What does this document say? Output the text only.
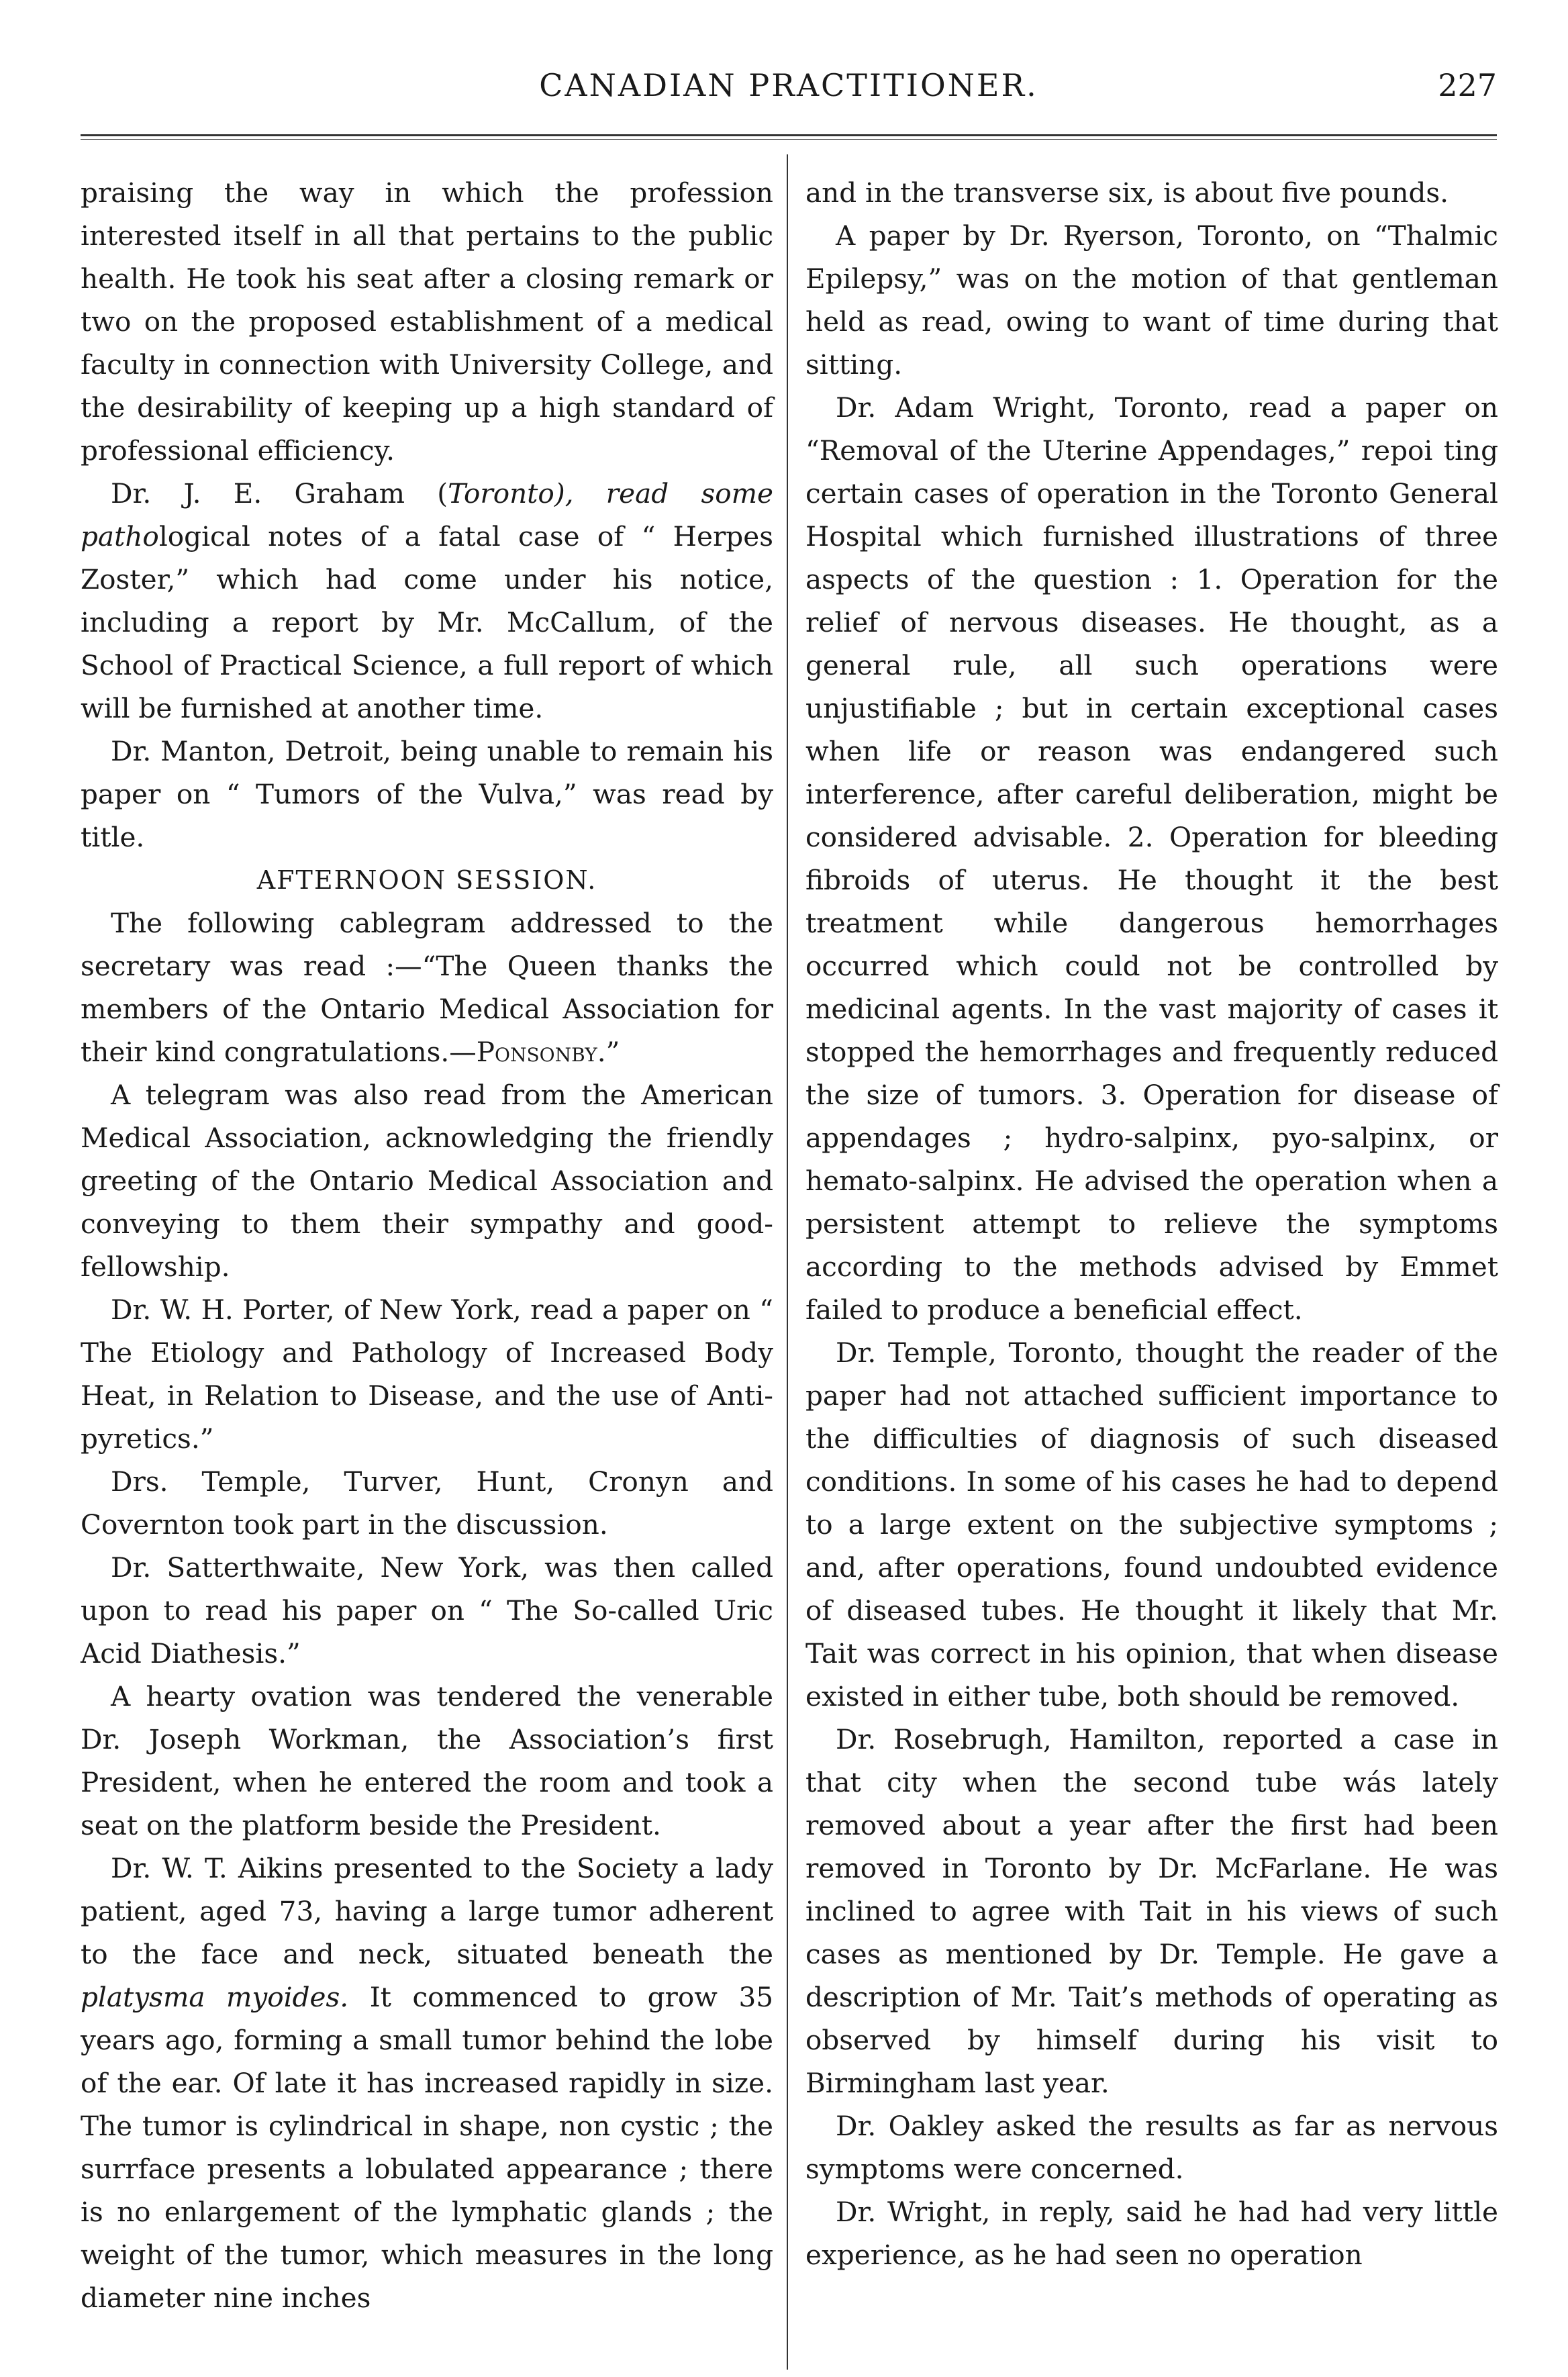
CANADIAN PRACTITIONER.	227

praising the way in which the profession interested itself in all that pertains to the public health. He took his seat after a closing remark or two on the proposed establishment of a medical faculty in connection with University College, and the desirability of keeping up a high standard of professional efficiency.

Dr. J. E. Graham (Toronto), read some pathological notes of a fatal case of “ Herpes Zoster,” which had come under his notice, including a report by Mr. McCallum, of the School of Practical Science, a full report of which will be furnished at another time.

Dr. Manton, Detroit, being unable to remain his paper on “ Tumors of the Vulva,” was read by title.

AFTERNOON SESSION.

The following cablegram addressed to the secretary was read :—“The Queen thanks the members of the Ontario Medical Association for their kind congratulations.—Ponsonby.”

A telegram was also read from the American Medical Association, acknowledging the friendly greeting of the Ontario Medical Association and conveying to them their sympathy and good-fellowship.

Dr. W. H. Porter, of New York, read a paper on “ The Etiology and Pathology of Increased Body Heat, in Relation to Disease, and the use of Anti-pyretics.”

Drs. Temple, Turver, Hunt, Cronyn and Covernton took part in the discussion.

Dr. Satterthwaite, New York, was then called upon to read his paper on “ The So-called Uric Acid Diathesis.”

A hearty ovation was tendered the venerable Dr. Joseph Workman, the Association’s first President, when he entered the room and took a seat on the platform beside the President.

Dr. W. T. Aikins presented to the Society a lady patient, aged 73, having a large tumor adherent to the face and neck, situated beneath the platysma myoides. It commenced to grow 35 years ago, forming a small tumor behind the lobe of the ear. Of late it has increased rapidly in size. The tumor is cylindrical in shape, non cystic ; the surrface presents a lobulated appearance ; there is no enlargement of the lymphatic glands ; the weight of the tumor, which measures in the long diameter nine inches

and in the transverse six, is about five pounds.

A paper by Dr. Ryerson, Toronto, on “Thalmic Epilepsy,” was on the motion of that gentleman held as read, owing to want of time during that sitting.

Dr. Adam Wright, Toronto, read a paper on “Removal of the Uterine Appendages,” repoi ting certain cases of operation in the Toronto General Hospital which furnished illustrations of three aspects of the question : 1. Operation for the relief of nervous diseases. He thought, as a general rule, all such operations were unjustifiable ; but in certain exceptional cases when life or reason was endangered such interference, after careful deliberation, might be considered advisable. 2. Operation for bleeding fibroids of uterus. He thought it the best treatment while dangerous hemorrhages occurred which could not be controlled by medicinal agents. In the vast majority of cases it stopped the hemorrhages and frequently reduced the size of tumors. 3. Operation for disease of appendages ; hydro-salpinx, pyo-salpinx, or hemato-salpinx. He advised the operation when a persistent attempt to relieve the symptoms according to the methods advised by Emmet failed to produce a beneficial effect.

Dr. Temple, Toronto, thought the reader of the paper had not attached sufficient importance to the difficulties of diagnosis of such diseased conditions. In some of his cases he had to depend to a large extent on the subjective symptoms ; and, after operations, found undoubted evidence of diseased tubes. He thought it likely that Mr. Tait was correct in his opinion, that when disease existed in either tube, both should be removed.

Dr. Rosebrugh, Hamilton, reported a case in that city when the second tube wás lately removed about a year after the first had been removed in Toronto by Dr. McFarlane. He was inclined to agree with Tait in his views of such cases as mentioned by Dr. Temple. He gave a description of Mr. Tait’s methods of operating as observed by himself during his visit to Birmingham last year.

Dr. Oakley asked the results as far as nervous symptoms were concerned.

Dr. Wright, in reply, said he had had very little experience, as he had seen no operation
